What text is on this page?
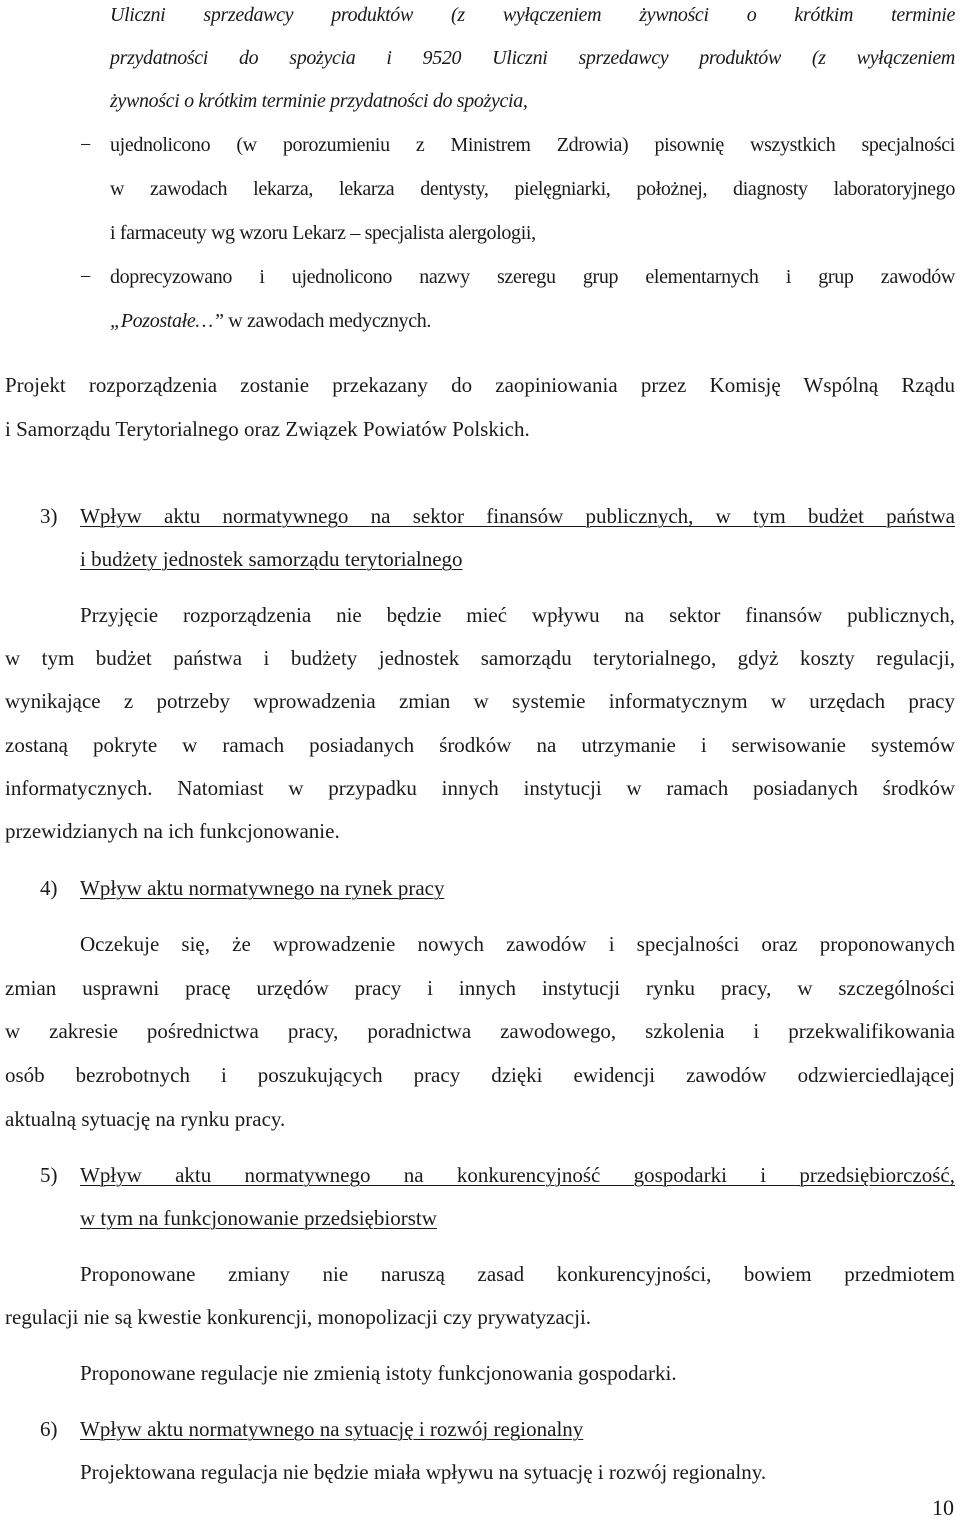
Uliczni sprzedawcy produktów (z wyłączeniem żywności o krótkim terminie
przydatności do spożycia i 9520 Uliczni sprzedawcy produktów (z wyłączeniem
żywności o krótkim terminie przydatności do spożycia,
− ujednolicono (w porozumieniu z Ministrem Zdrowia) pisownię wszystkich specjalności
w zawodach lekarza, lekarza dentysty, pielęgniarki, położnej, diagnosty laboratoryjnego
i farmaceuty wg wzoru Lekarz – specjalista alergologii,
− doprecyzowano i ujednolicono nazwy szeregu grup elementarnych i grup zawodów
„Pozostałe…” w zawodach medycznych.
Projekt rozporządzenia zostanie przekazany do zaopiniowania przez Komisję Wspólną Rządu
i Samorządu Terytorialnego oraz Związek Powiatów Polskich.
3) Wpływ aktu normatywnego na sektor finansów publicznych, w tym budżet państwa
i budżety jednostek samorządu terytorialnego
Przyjęcie rozporządzenia nie będzie mieć wpływu na sektor finansów publicznych,
w tym budżet państwa i budżety jednostek samorządu terytorialnego, gdyż koszty regulacji,
wynikające z potrzeby wprowadzenia zmian w systemie informatycznym w urzędach pracy
zostaną pokryte w ramach posiadanych środków na utrzymanie i serwisowanie systemów
informatycznych. Natomiast w przypadku innych instytucji w ramach posiadanych środków
przewidzianych na ich funkcjonowanie.
4) Wpływ aktu normatywnego na rynek pracy
Oczekuje się, że wprowadzenie nowych zawodów i specjalności oraz proponowanych
zmian usprawni pracę urzędów pracy i innych instytucji rynku pracy, w szczególności
w zakresie pośrednictwa pracy, poradnictwa zawodowego, szkolenia i przekwalifikowania
osób bezrobotnych i poszukujących pracy dzięki ewidencji zawodów odzwierciedlającej
aktualną sytuację na rynku pracy.
5) Wpływ aktu normatywnego na konkurencyjność gospodarki i przedsiębiorczość,
w tym na funkcjonowanie przedsiębiorstw
Proponowane zmiany nie naruszą zasad konkurencyjności, bowiem przedmiotem
regulacji nie są kwestie konkurencji, monopolizacji czy prywatyzacji.
Proponowane regulacje nie zmienią istoty funkcjonowania gospodarki.
6) Wpływ aktu normatywnego na sytuację i rozwój regionalny
Projektowana regulacja nie będzie miała wpływu na sytuację i rozwój regionalny.
10
